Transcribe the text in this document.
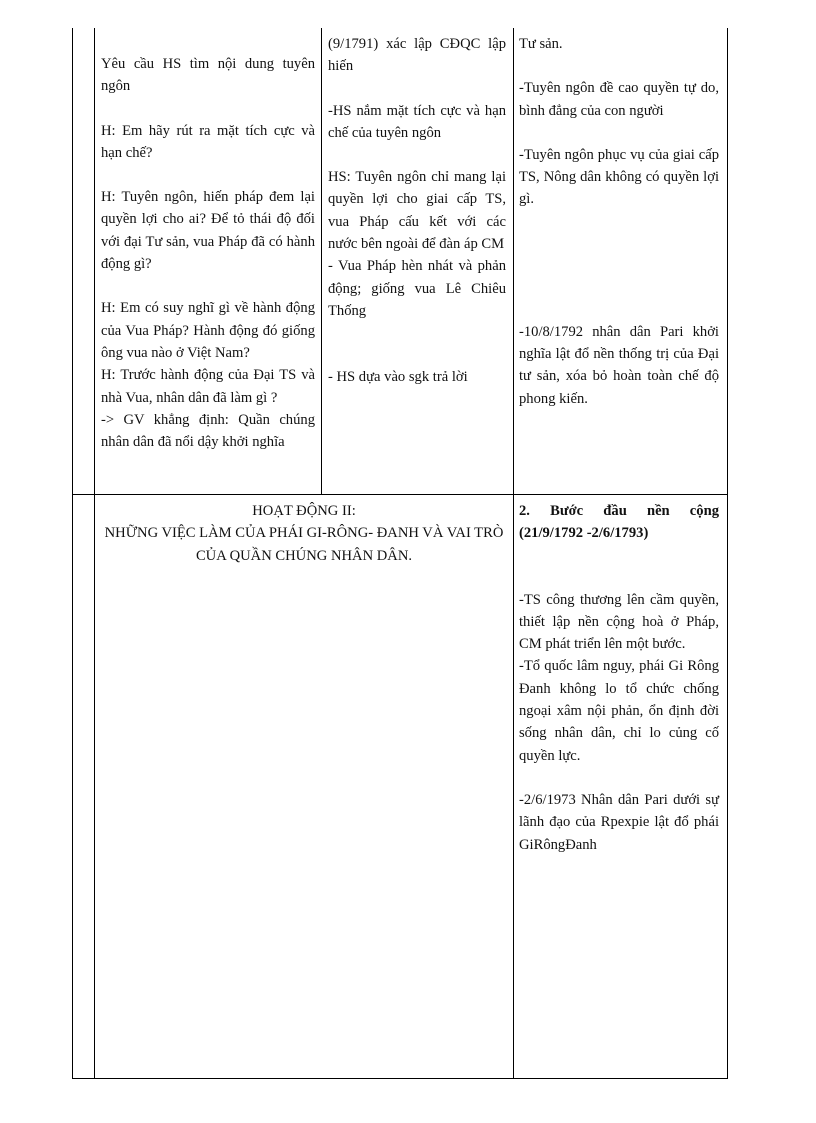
Yêu cầu HS tìm nội dung tuyên ngôn

H: Em hãy rút ra mặt tích cực và hạn chế?

H: Tuyên ngôn, hiến pháp đem lại quyền lợi cho ai? Để tỏ thái độ đối với đại Tư sản, vua Pháp đã có hành động gì?

H: Em có suy nghĩ gì về hành động của Vua Pháp? Hành động đó giống ông vua nào ở Việt Nam?

H: Trước hành động của Đại TS và nhà Vua, nhân dân đã làm gì ?

-> GV khẳng định: Quần chúng nhân dân đã nổi dậy khởi nghĩa

(9/1791) xác lập CĐQC lập hiến

-HS nắm mặt tích cực và hạn chế của tuyên ngôn

HS: Tuyên ngôn chỉ mang lại quyền lợi cho giai cấp TS, vua Pháp cấu kết với các nước bên ngoài để đàn áp CM

- Vua Pháp hèn nhát và phản động; giống vua Lê Chiêu Thống

- HS dựa vào sgk trả lời

Tư sản.

-Tuyên ngôn đề cao quyền tự do, bình đẳng của con người

-Tuyên ngôn phục vụ của giai cấp TS, Nông dân không có quyền lợi gì.

-10/8/1792 nhân dân Pari khởi nghĩa lật đổ nền thống trị của Đại tư sản, xóa bỏ hoàn toàn chế độ phong kiến.

HOẠT ĐỘNG II:

NHỮNG VIỆC LÀM CỦA PHÁI GI-RÔNG- ĐANH VÀ VAI TRÒ CỦA QUẦN CHÚNG NHÂN DÂN.

2. Bước đầu nền cộng (21/9/1792 -2/6/1793)

-TS công thương lên cầm quyền, thiết lập nền cộng hoà ở Pháp, CM phát triển lên một bước.

-Tổ quốc lâm nguy, phái Gi Rông Đanh không lo tổ chức chống ngoại xâm nội phản, ổn định đời sống nhân dân, chỉ lo củng cố quyền lực.

-2/6/1973 Nhân dân Pari dưới sự lãnh đạo của Rpexpie lật đổ phái GiRôngĐanh
